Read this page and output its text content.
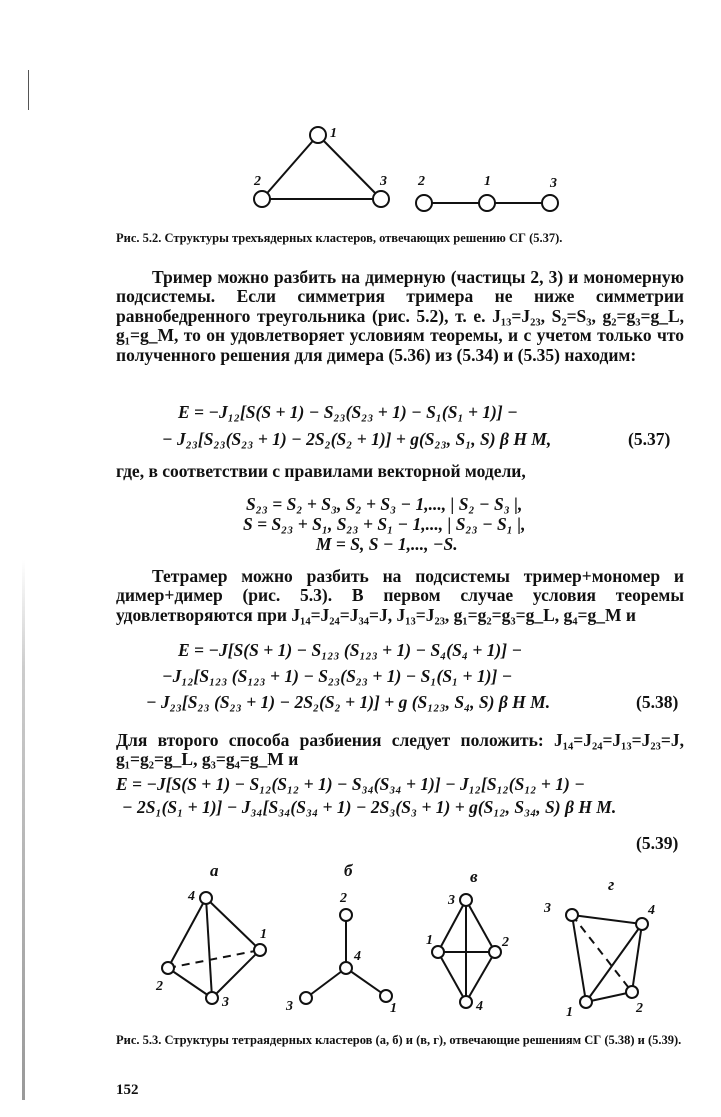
1
2	3 2	1	3
Рис. 5.2. Структуры трехъядерных кластеров, отвечающих решению СГ (5.37).

Тример можно разбить на димерную (частицы 2, 3) и мономерную подсистемы. Если симметрия тримера не ниже симметрии равнобедренного треугольника (рис. 5.2), т. е. J₁₃=J₂₃, S₂=S₃, g₂=g₃=g_L, g₁=g_M, то он удовлетворяет условиям теоремы, и с учетом только что полученного решения для димера (5.36) из (5.34) и (5.35) находим:

E = −J₁₂[S(S + 1) − S₂₃(S₂₃ + 1) − S₁(S₁ + 1)] −
− J₂₃[S₂₃(S₂₃ + 1) − 2S₂(S₂ + 1)] + g(S₂₃, S₁, S) β H M,	(5.37)

где, в соответствии с правилами векторной модели,

S₂₃ = S₂ + S₃, S₂ + S₃ − 1,..., | S₂ − S₃ |,
S = S₂₃ + S₁, S₂₃ + S₁ − 1,..., | S₂₃ − S₁ |,
M = S, S − 1,..., −S.

Тетрамер можно разбить на подсистемы тример+мономер и димер+димер (рис. 5.3). В первом случае условия теоремы удовлетворяются при J₁₄=J₂₄=J₃₄=J, J₁₃=J₂₃, g₁=g₂=g₃=g_L, g₄=g_M и

E = −J[S(S + 1) − S₁₂₃ (S₁₂₃ + 1) − S₄(S₄ + 1)] −
−J₁₂[S₁₂₃ (S₁₂₃ + 1) − S₂₃(S₂₃ + 1) − S₁(S₁ + 1)] −
− J₂₃[S₂₃ (S₂₃ + 1) − 2S₂(S₂ + 1)] + g (S₁₂₃, S₄, S) β H M.	(5.38)

Для второго способа разбиения следует положить: J₁₄=J₂₄=J₁₃=J₂₃=J, g₁=g₂=g_L, g₃=g₄=g_M и

E = −J[S(S + 1) − S₁₂(S₁₂ + 1) − S₃₄(S₃₄ + 1)] − J₁₂[S₁₂(S₁₂ + 1) −
− 2S₁(S₁ + 1)] − J₃₄[S₃₄(S₃₄ + 1) − 2S₃(S₃ + 1) + g(S₁₂, S₃₄, S) β H M.
(5.39)
а	б	в	г
4
1
2
3
2
4
3	1
3
1	2
4
3	4
1	2
Рис. 5.3. Структуры тетраядерных кластеров (а, б) и (в, г), отвечающие решениям СГ (5.38) и (5.39).
152
